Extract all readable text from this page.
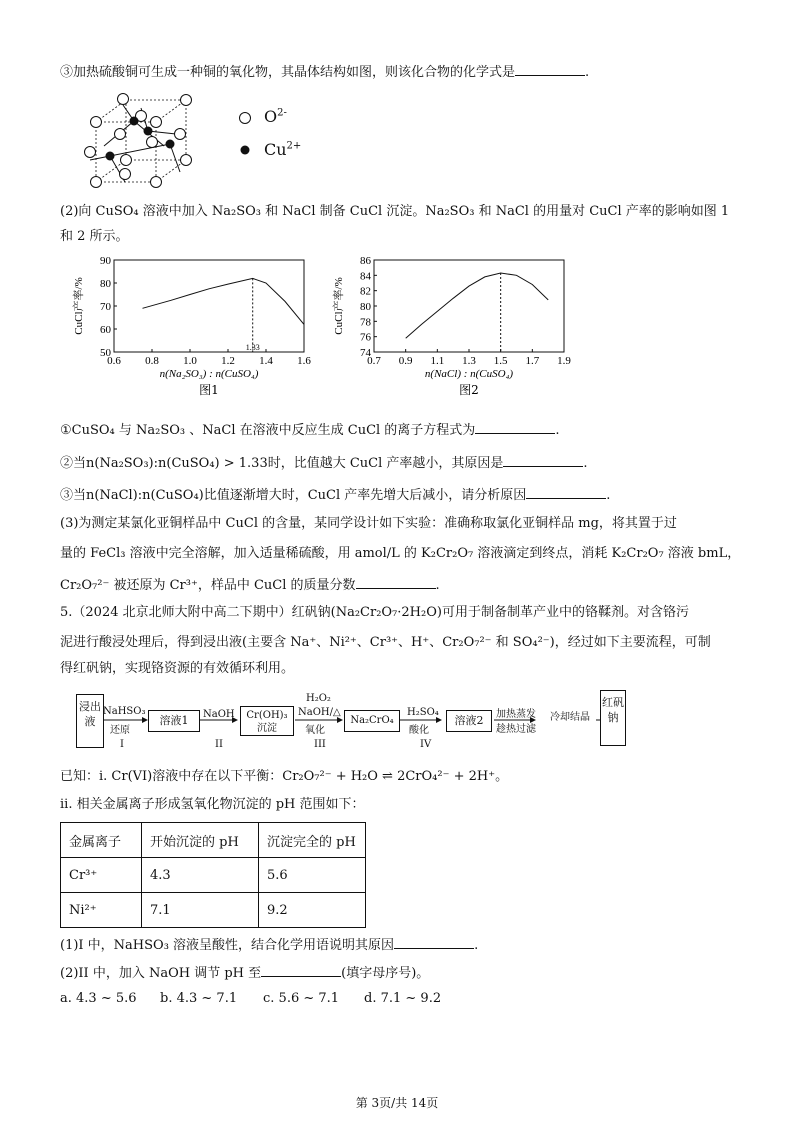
③加热硫酸铜可生成一种铜的氧化物，其晶体结构如图，则该化合物的化学式是	.
$O^{2-}$
$Cu^{2+}$
(2)向 CuSO₄ 溶液中加入 Na₂SO₃ 和 NaCl 制备 CuCl 沉淀。Na₂SO₃ 和 NaCl 的用量对 CuCl 产率的影响如图 1
和 2 所示。
0.6 0.8 1.0 1.2 1.4 1.6
50
60
70
80
90
1.33
CuCl产率/%
n(Na₂SO₃) : n(CuSO₄)
图1
0.7 0.9 1.1 1.3 1.5 1.7 1.9
74
76
78
80
82
84
86
CuCl产率/%
n(NaCl) : n(CuSO₄)
图2
①CuSO₄ 与 Na₂SO₃ 、NaCl 在溶液中反应生成 CuCl 的离子方程式为	.
②当n(Na₂SO₃):n(CuSO₄) > 1.33时，比值越大 CuCl 产率越小，其原因是	.
③当n(NaCl):n(CuSO₄)比值逐渐增大时，CuCl 产率先增大后减小，请分析原因	.
(3)为测定某氯化亚铜样品中 CuCl 的含量，某同学设计如下实验：准确称取氯化亚铜样品 mg，将其置于过
量的 FeCl₃ 溶液中完全溶解，加入适量稀硫酸，用 amol/L 的 K₂Cr₂O₇ 溶液滴定到终点，消耗 K₂Cr₂O₇ 溶液 bmL，
Cr₂O₇²⁻ 被还原为 Cr³⁺，样品中 CuCl 的质量分数	.
5.（2024 北京北师大附中高二下期中）红矾钠(Na₂Cr₂O₇·2H₂O)可用于制备制革产业中的铬鞣剂。对含铬污
泥进行酸浸处理后，得到浸出液(主要含 Na⁺、Ni²⁺、Cr³⁺、H⁺、Cr₂O₇²⁻ 和 SO₄²⁻)，经过如下主要流程，可制
得红矾钠，实现铬资源的有效循环利用。
浸出液
NaHSO₃
还原
I
溶液1	NaOH
II
Cr(OH)₃
沉淀
H₂O₂
NaOH/△
氧化
III
Na₂CrO₄
H₂SO₄
酸化
IV
溶液2	加热蒸发
趁热过滤
冷却结晶
红矾钠
已知：i. Cr(VI)溶液中存在以下平衡：Cr₂O₇²⁻ + H₂O ⇌ 2CrO₄²⁻ + 2H⁺。
ii. 相关金属离子形成氢氧化物沉淀的 pH 范围如下：
金属离子	开始沉淀的 pH	沉淀完全的 pH
Cr³⁺	4.3	5.6
Ni²⁺	7.1	9.2
(1)I 中，NaHSO₃ 溶液呈酸性，结合化学用语说明其原因	.
(2)II 中，加入 NaOH 调节 pH 至	(填字母序号)。
a. 4.3 ~ 5.6 b. 4.3 ~ 7.1 c. 5.6 ~ 7.1 d. 7.1 ~ 9.2
第 3页/共 14页
